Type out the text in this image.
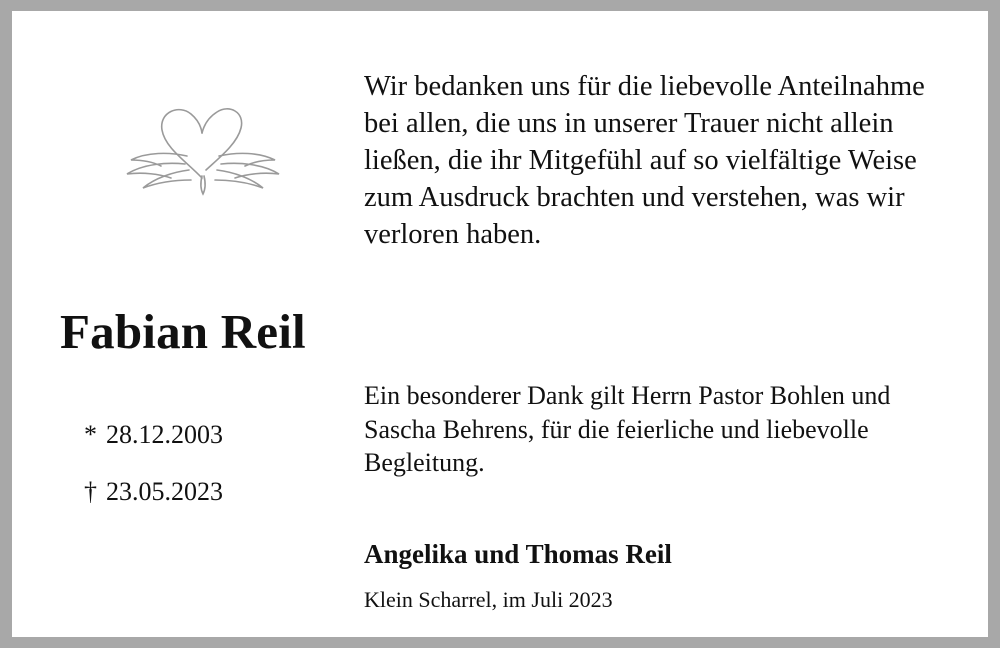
Fabian Reil
* 28.12.2003
† 23.05.2023
Wir bedanken uns für die liebevolle Anteilnahme bei allen, die uns in unserer Trauer nicht allein ließen, die ihr Mitgefühl auf so vielfältige Weise zum Ausdruck brachten und verstehen, was wir verloren haben.
Ein besonderer Dank gilt Herrn Pastor Bohlen und Sascha Behrens, für die feierliche und liebevolle Begleitung.
Angelika und Thomas Reil
Klein Scharrel, im Juli 2023
